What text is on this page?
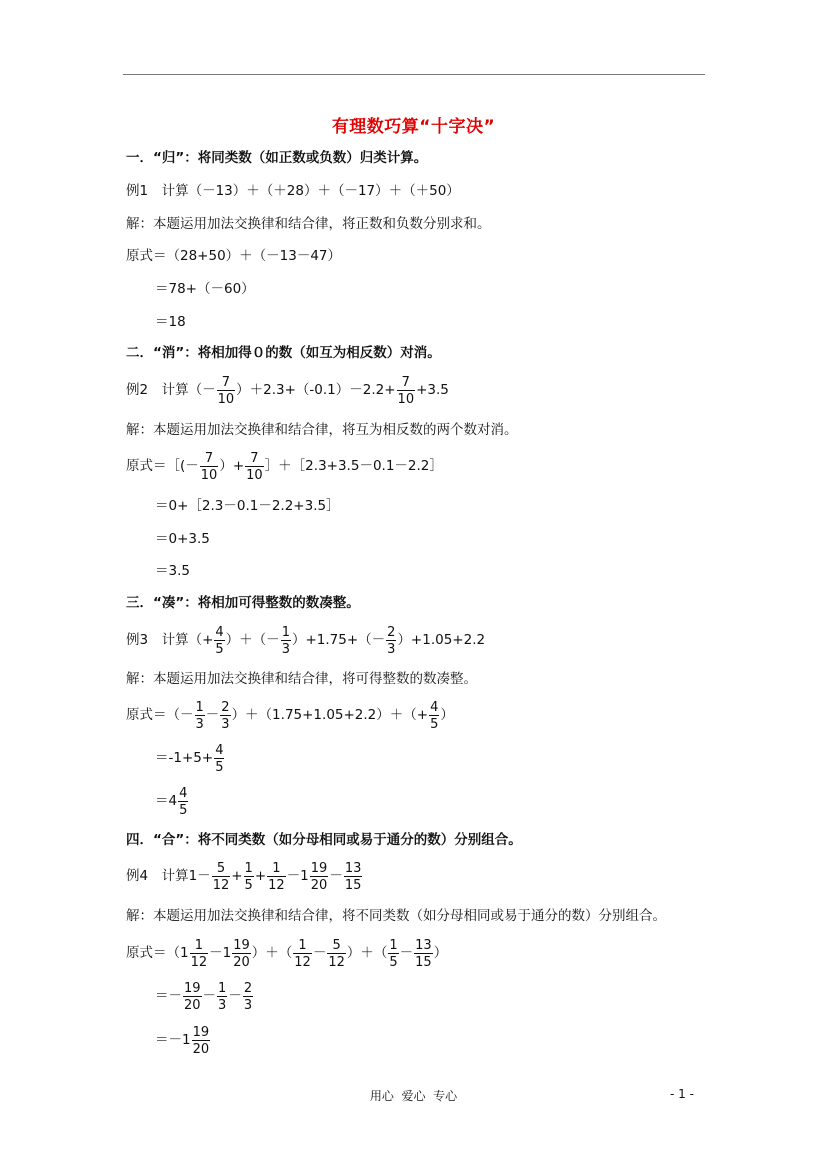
有理数巧算“十字决”
一．“归”：将同类数（如正数或负数）归类计算。
例1　计算（－13）＋（＋28）＋（－17）＋（＋50）
解：本题运用加法交换律和结合律，将正数和负数分别求和。
原式＝（28+50）＋（－13－47）
＝78+（－60）
＝18
二．“消”：将相加得０的数（如互为相反数）对消。
例2　计算（－ $\frac{7}{10} )+2.3+(-0.1)-2.2+ \frac{7}{10} +3.5$
解：本题运用加法交换律和结合律，将互为相反数的两个数对消。
原式＝［(－ $\frac{7}{10}$ ）+ $\frac{7}{10}$ ］＋［2.3+3.5－0.1－2.2］
＝0+［2.3－0.1－2.2+3.5］
＝0+3.5
＝3.5
三．“凑”：将相加可得整数的数凑整。
例3　计算（+ $\frac{4}{5}$ ）＋（－ $\frac{1}{3} )+1.75+(- \frac{2}{3} )+1.05+2.2$
解：本题运用加法交换律和结合律，将可得整数的数凑整。
原式＝（－ $\frac{1}{3} - \frac{2}{3} )+(1.75+1.05+2.2)+(+ \frac{4}{5}$ ）
$=-1+5+ \frac{4}{5}$
$=4 \frac{4}{5}$
四．“合”：将不同类数（如分母相同或易于通分的数）分别组合。
例4　计算$1- \frac{5}{12} + \frac{1}{5} + \frac{1}{12} -1 \frac{19}{20} - \frac{13}{15}$
解：本题运用加法交换律和结合律，将不同类数（如分母相同或易于通分的数）分别组合。
原式$=(1 \frac{1}{12} -1 \frac{19}{20}$ ）＋（ $\frac{1}{12} - \frac{5}{12}$ ）＋（ $\frac{1}{5} - \frac{13}{15}$ ）
＝－ $\frac{19}{20} - \frac{1}{3} - \frac{2}{3}$
$=-1 \frac{19}{20}$
用心  爱心  专心	- 1 -
